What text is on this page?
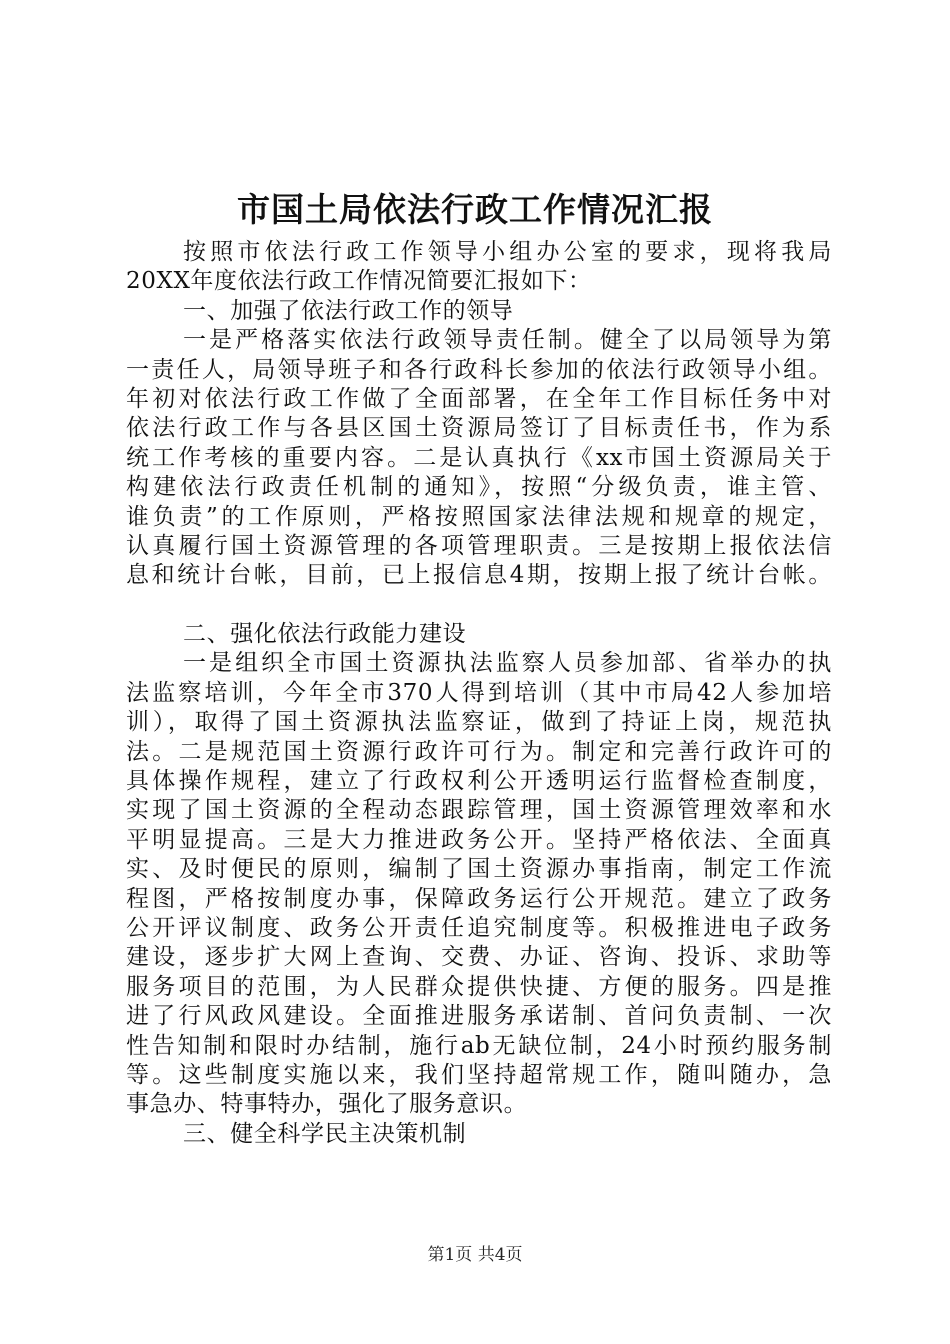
市国土局依法行政工作情况汇报
按照市依法行政工作领导小组办公室的要求，现将我局
20XX年度依法行政工作情况简要汇报如下：
一、加强了依法行政工作的领导
一是严格落实依法行政领导责任制。健全了以局领导为第
一责任人，局领导班子和各行政科长参加的依法行政领导小组。
年初对依法行政工作做了全面部署，在全年工作目标任务中对
依法行政工作与各县区国土资源局签订了目标责任书，作为系
统工作考核的重要内容。二是认真执行《xx市国土资源局关于
构建依法行政责任机制的通知》，按照“分级负责，谁主管、
谁负责”的工作原则，严格按照国家法律法规和规章的规定，
认真履行国土资源管理的各项管理职责。三是按期上报依法信
息和统计台帐，目前，已上报信息4期，按期上报了统计台帐。
二、强化依法行政能力建设
一是组织全市国土资源执法监察人员参加部、省举办的执
法监察培训，今年全市370人得到培训（其中市局42人参加培
训），取得了国土资源执法监察证，做到了持证上岗，规范执
法。二是规范国土资源行政许可行为。制定和完善行政许可的
具体操作规程，建立了行政权利公开透明运行监督检查制度，
实现了国土资源的全程动态跟踪管理，国土资源管理效率和水
平明显提高。三是大力推进政务公开。坚持严格依法、全面真
实、及时便民的原则，编制了国土资源办事指南，制定工作流
程图，严格按制度办事，保障政务运行公开规范。建立了政务
公开评议制度、政务公开责任追究制度等。积极推进电子政务
建设，逐步扩大网上查询、交费、办证、咨询、投诉、求助等
服务项目的范围，为人民群众提供快捷、方便的服务。四是推
进了行风政风建设。全面推进服务承诺制、首问负责制、一次
性告知制和限时办结制，施行ab无缺位制，24小时预约服务制
等。这些制度实施以来，我们坚持超常规工作，随叫随办，急
事急办、特事特办，强化了服务意识。
三、健全科学民主决策机制
第1页 共4页
